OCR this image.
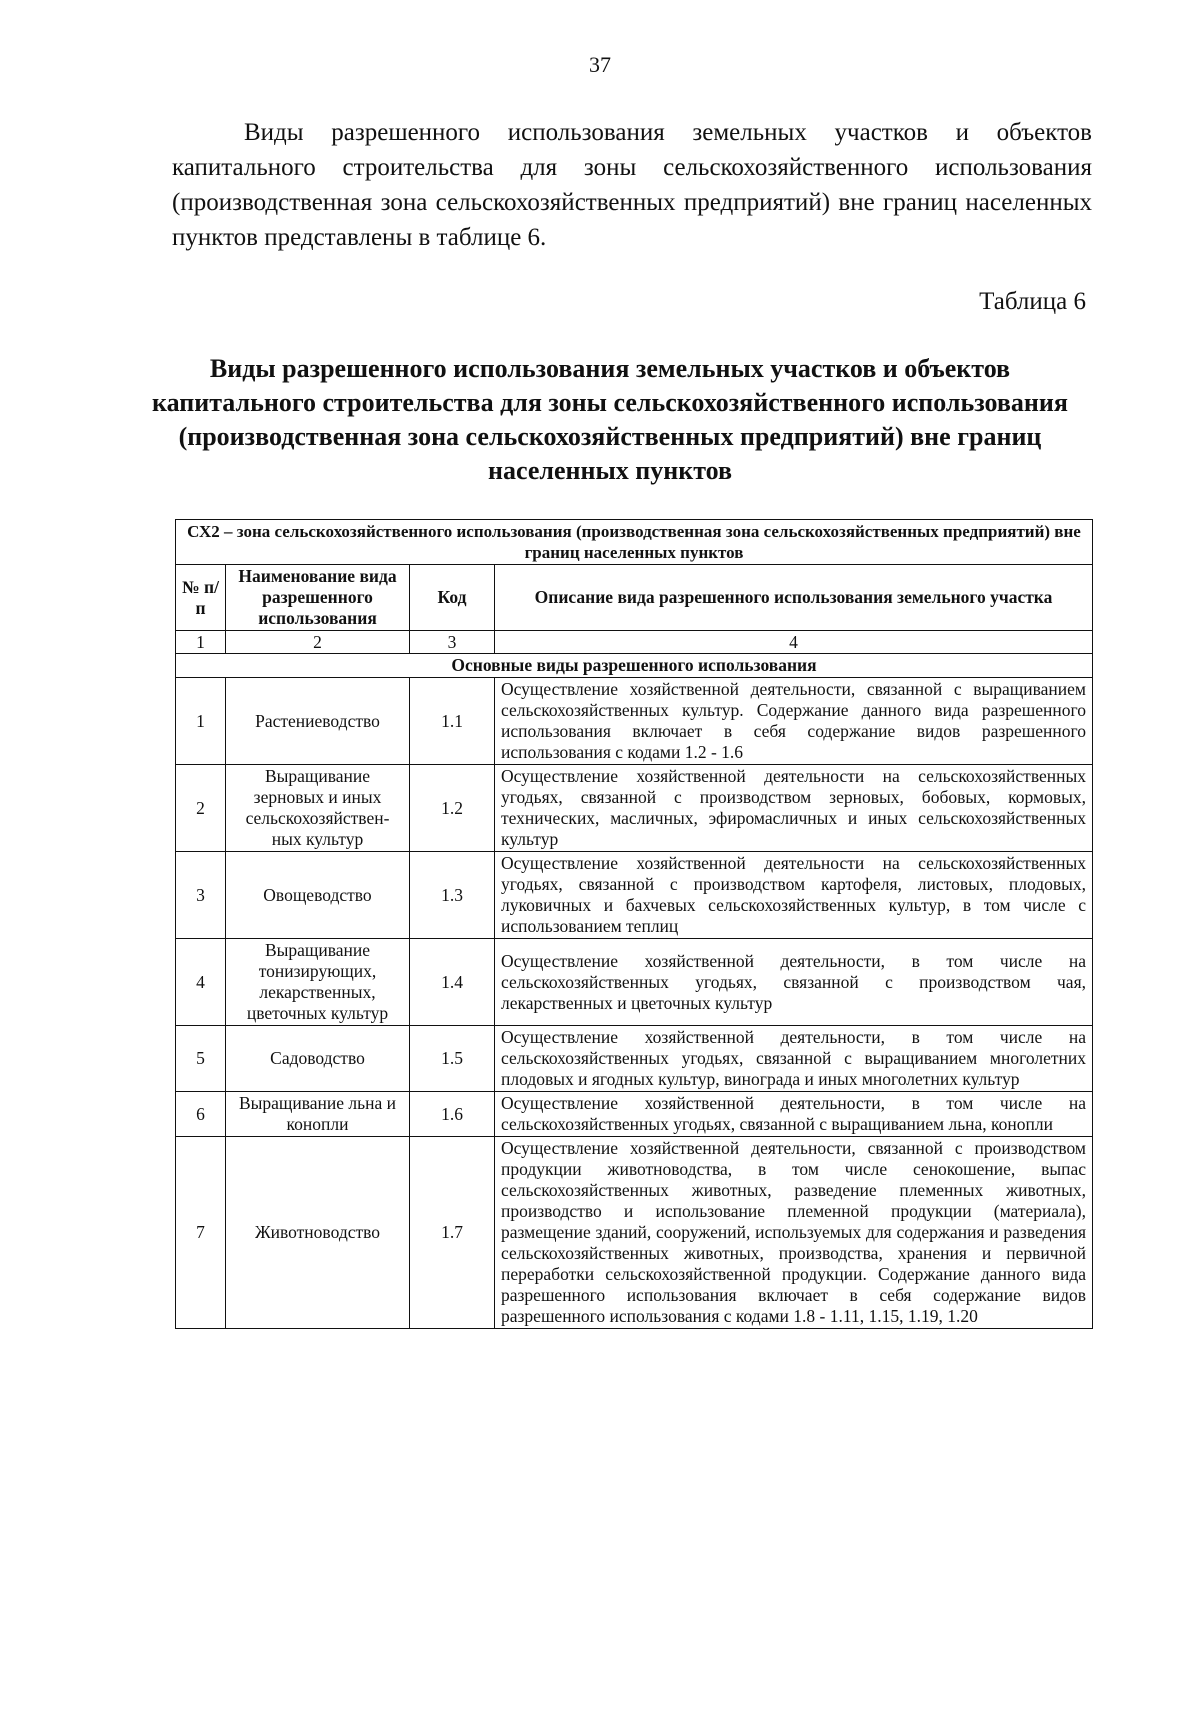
37
Виды разрешенного использования земельных участков и объектов капитального строительства для зоны сельскохозяйственного использования (производственная зона сельскохозяйственных предприятий) вне границ населенных пунктов представлены в таблице 6.
Таблица 6
Виды разрешенного использования земельных участков и объектов капитального строительства для зоны сельскохозяйственного использования (производственная зона сельскохозяйственных предприятий) вне границ населенных пунктов
СХ2 – зона сельскохозяйственного использования (производственная зона сельскохозяйственных предприятий) вне границ населенных пунктов			
№ п/п	Наименование вида разрешенного использования	Код	Описание вида разрешенного использования земельного участка
1	2	3	4
Основные виды разрешенного использования			
1	Растениеводство	1.1	Осуществление хозяйственной деятельности, связанной с выращиванием сельскохозяйственных культур. Содержание данного вида разрешенного использования включает в себя содержание видов разрешенного использования с кодами 1.2 - 1.6
2	Выращивание зерновых и иных сельскохозяйствен-ных культур	1.2	Осуществление хозяйственной деятельности на сельскохозяйственных угодьях, связанной с производством зерновых, бобовых, кормовых, технических, масличных, эфиромасличных и иных сельскохозяйственных культур
3	Овощеводство	1.3	Осуществление хозяйственной деятельности на сельскохозяйственных угодьях, связанной с производством картофеля, листовых, плодовых, луковичных и бахчевых сельскохозяйственных культур, в том числе с использованием теплиц
4	Выращивание тонизирующих, лекарственных, цветочных культур	1.4	Осуществление хозяйственной деятельности, в том числе на сельскохозяйственных угодьях, связанной с производством чая, лекарственных и цветочных культур
5	Садоводство	1.5	Осуществление хозяйственной деятельности, в том числе на сельскохозяйственных угодьях, связанной с выращиванием многолетних плодовых и ягодных культур, винограда и иных многолетних культур
6	Выращивание льна и конопли	1.6	Осуществление хозяйственной деятельности, в том числе на сельскохозяйственных угодьях, связанной с выращиванием льна, конопли
7	Животноводство	1.7	Осуществление хозяйственной деятельности, связанной с производством продукции животноводства, в том числе сенокошение, выпас сельскохозяйственных животных, разведение племенных животных, производство и использование племенной продукции (материала), размещение зданий, сооружений, используемых для содержания и разведения сельскохозяйственных животных, производства, хранения и первичной переработки сельскохозяйственной продукции. Содержание данного вида разрешенного использования включает в себя содержание видов разрешенного использования с кодами 1.8 - 1.11, 1.15, 1.19, 1.20
